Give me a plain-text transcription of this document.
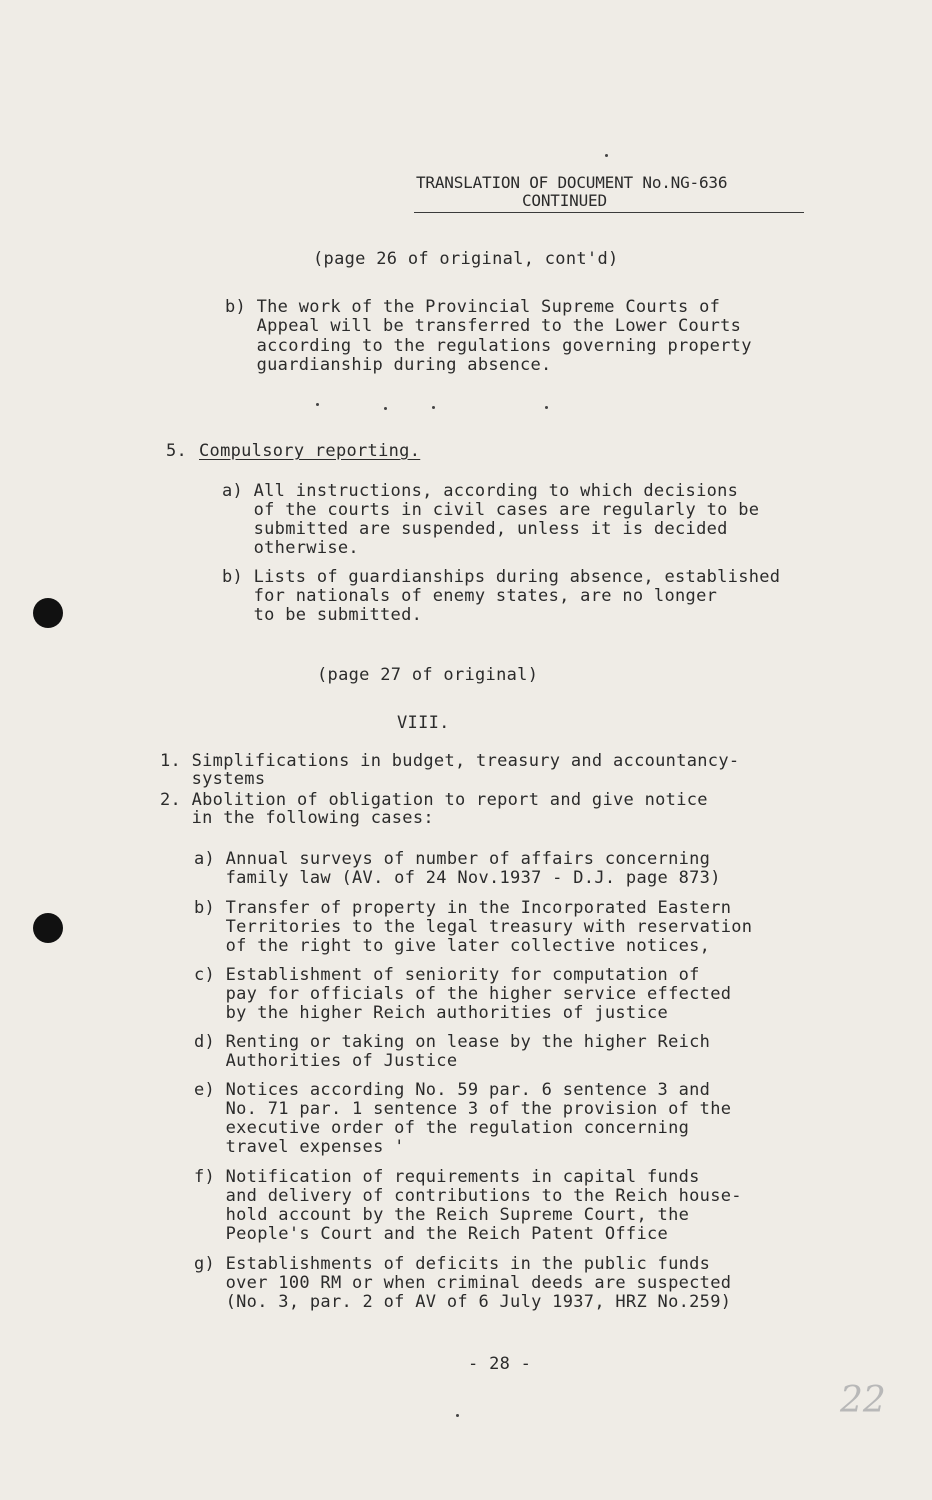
TRANSLATION OF DOCUMENT No.NG-636
CONTINUED
(page 26 of original, cont'd)
b) The work of the Provincial Supreme Courts of
Appeal will be transferred to the Lower Courts
according to the regulations governing property
guardianship during absence.
5. Compulsory reporting.
a) All instructions, according to which decisions
of the courts in civil cases are regularly to be
submitted are suspended, unless it is decided
otherwise.
b) Lists of guardianships during absence, established
for nationals of enemy states, are no longer
to be submitted.
(page 27 of original)
VIII.
1. Simplifications in budget, treasury and accountancy-
systems
2. Abolition of obligation to report and give notice
in the following cases:
a) Annual surveys of number of affairs concerning
family law (AV. of 24 Nov.1937 - D.J. page 873)
b) Transfer of property in the Incorporated Eastern
Territories to the legal treasury with reservation
of the right to give later collective notices,
c) Establishment of seniority for computation of
pay for officials of the higher service effected
by the higher Reich authorities of justice
d) Renting or taking on lease by the higher Reich
Authorities of Justice
e) Notices according No. 59 par. 6 sentence 3 and
No. 71 par. 1 sentence 3 of the provision of the
executive order of the regulation concerning
travel expenses '
f) Notification of requirements in capital funds
and delivery of contributions to the Reich house-
hold account by the Reich Supreme Court, the
People's Court and the Reich Patent Office
g) Establishments of deficits in the public funds
over 100 RM or when criminal deeds are suspected
(No. 3, par. 2 of AV of 6 July 1937, HRZ No.259)
- 28 -
22
